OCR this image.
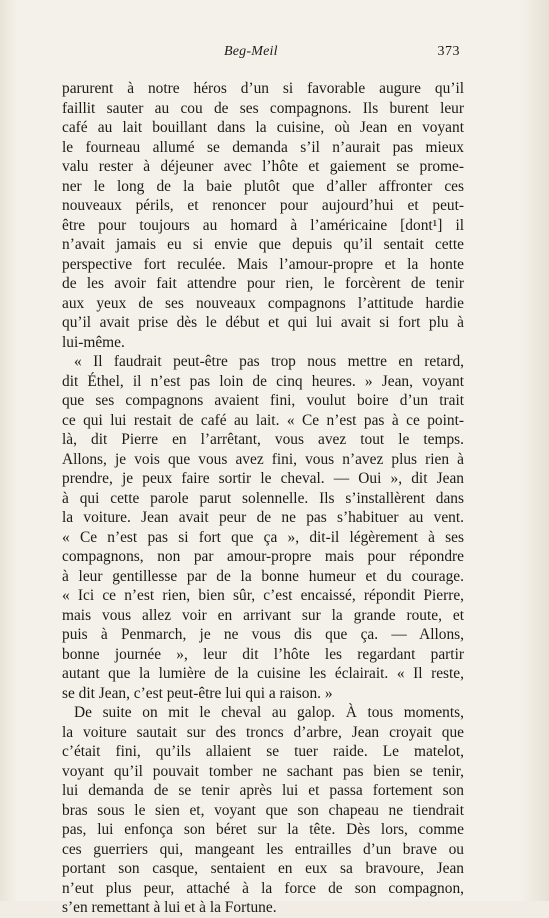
Beg-Meil	373
parurent à notre héros d’un si favorable augure qu’il
faillit sauter au cou de ses compagnons. Ils burent leur
café au lait bouillant dans la cuisine, où Jean en voyant
le fourneau allumé se demanda s’il n’aurait pas mieux
valu rester à déjeuner avec l’hôte et gaiement se prome-
ner le long de la baie plutôt que d’aller affronter ces
nouveaux périls, et renoncer pour aujourd’hui et peut-
être pour toujours au homard à l’américaine [dont¹] il
n’avait jamais eu si envie que depuis qu’il sentait cette
perspective fort reculée. Mais l’amour-propre et la honte
de les avoir fait attendre pour rien, le forcèrent de tenir
aux yeux de ses nouveaux compagnons l’attitude hardie
qu’il avait prise dès le début et qui lui avait si fort plu à
lui-même.
« Il faudrait peut-être pas trop nous mettre en retard,
dit Éthel, il n’est pas loin de cinq heures. » Jean, voyant
que ses compagnons avaient fini, voulut boire d’un trait
ce qui lui restait de café au lait. « Ce n’est pas à ce point-
là, dit Pierre en l’arrêtant, vous avez tout le temps.
Allons, je vois que vous avez fini, vous n’avez plus rien à
prendre, je peux faire sortir le cheval. — Oui », dit Jean
à qui cette parole parut solennelle. Ils s’installèrent dans
la voiture. Jean avait peur de ne pas s’habituer au vent.
« Ce n’est pas si fort que ça », dit-il légèrement à ses
compagnons, non par amour-propre mais pour répondre
à leur gentillesse par de la bonne humeur et du courage.
« Ici ce n’est rien, bien sûr, c’est encaissé, répondit Pierre,
mais vous allez voir en arrivant sur la grande route, et
puis à Penmarch, je ne vous dis que ça. — Allons,
bonne journée », leur dit l’hôte les regardant partir
autant que la lumière de la cuisine les éclairait. « Il reste,
se dit Jean, c’est peut-être lui qui a raison. »
De suite on mit le cheval au galop. À tous moments,
la voiture sautait sur des troncs d’arbre, Jean croyait que
c’était fini, qu’ils allaient se tuer raide. Le matelot,
voyant qu’il pouvait tomber ne sachant pas bien se tenir,
lui demanda de se tenir après lui et passa fortement son
bras sous le sien et, voyant que son chapeau ne tiendrait
pas, lui enfonça son béret sur la tête. Dès lors, comme
ces guerriers qui, mangeant les entrailles d’un brave ou
portant son casque, sentaient en eux sa bravoure, Jean
n’eut plus peur, attaché à la force de son compagnon,
s’en remettant à lui et à la Fortune.
